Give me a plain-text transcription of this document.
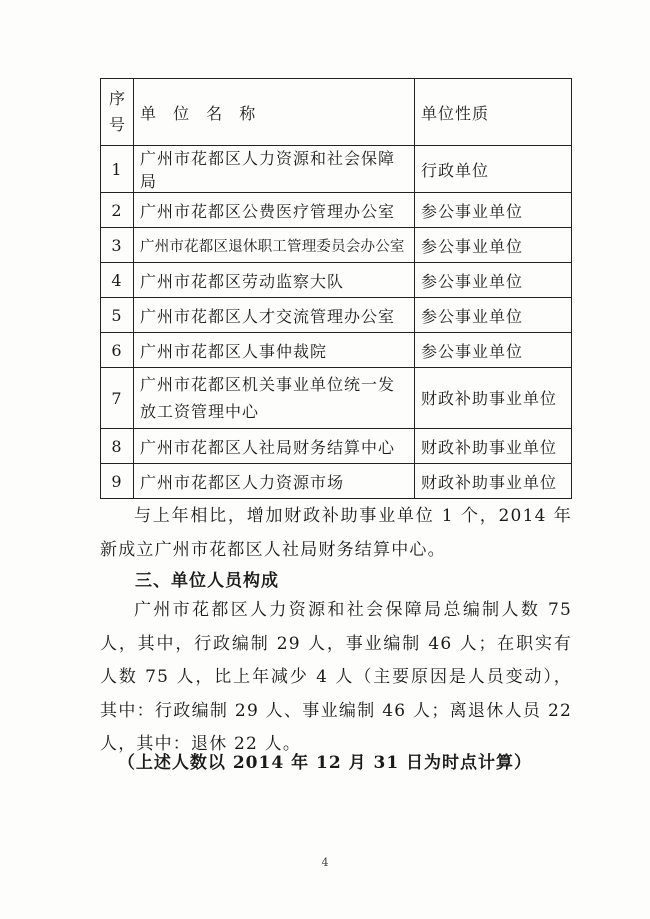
序号	单 位 名 称	单位性质
1	广州市花都区人力资源和社会保障局	行政单位
2	广州市花都区公费医疗管理办公室	参公事业单位
3	广州市花都区退休职工管理委员会办公室	参公事业单位
4	广州市花都区劳动监察大队	参公事业单位
5	广州市花都区人才交流管理办公室	参公事业单位
6	广州市花都区人事仲裁院	参公事业单位
7	广州市花都区机关事业单位统一发放工资管理中心	财政补助事业单位
8	广州市花都区人社局财务结算中心	财政补助事业单位
9	广州市花都区人力资源市场	财政补助事业单位

与上年相比，增加财政补助事业单位 1 个，2014 年新成立广州市花都区人社局财务结算中心。

三、单位人员构成

广州市花都区人力资源和社会保障局总编制人数 75 人，其中，行政编制 29 人，事业编制 46 人；在职实有人数 75 人，比上年减少 4 人（主要原因是人员变动），其中：行政编制 29 人、事业编制 46 人；离退休人员 22 人，其中：退休 22 人。

（上述人数以 2014 年 12 月 31 日为时点计算）

4
